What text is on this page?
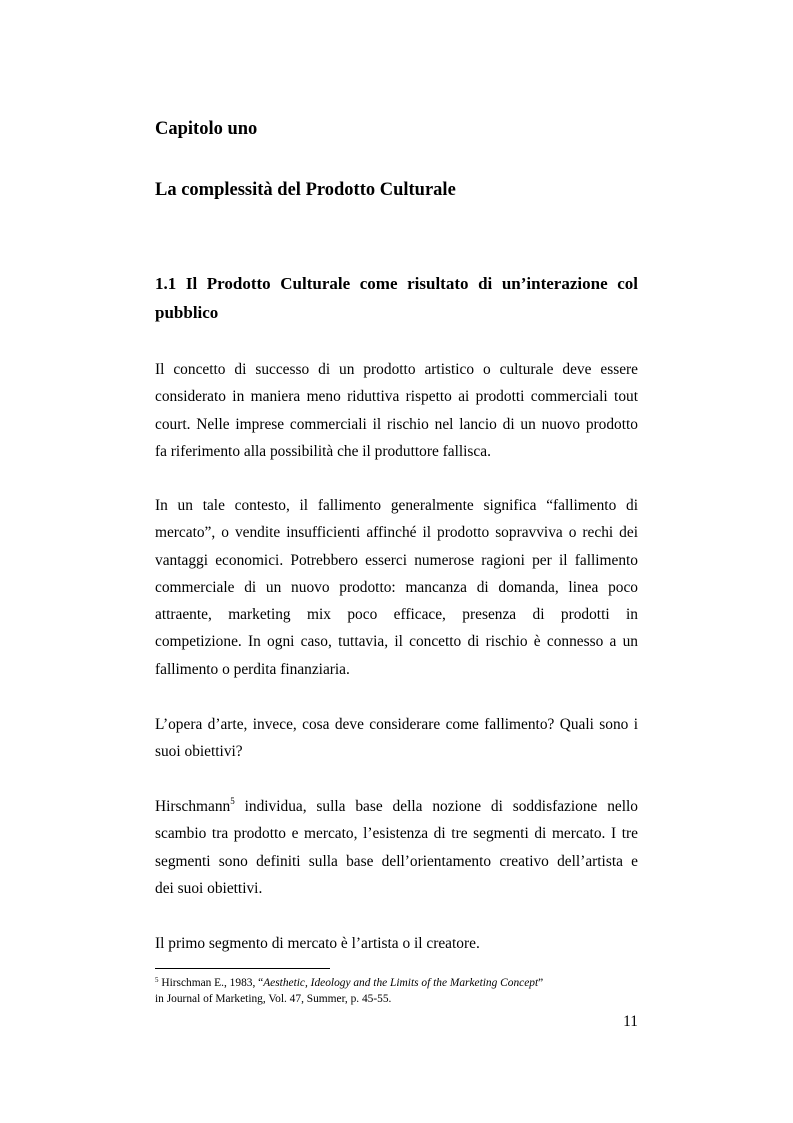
Capitolo uno
La complessità del Prodotto Culturale
1.1 Il Prodotto Culturale come risultato di un’interazione col pubblico

Il concetto di successo di un prodotto artistico o culturale deve essere
considerato in maniera meno riduttiva rispetto ai prodotti commerciali tout
court. Nelle imprese commerciali il rischio nel lancio di un nuovo prodotto
fa riferimento alla possibilità che il produttore fallisca.

In un tale contesto, il fallimento generalmente significa “fallimento di
mercato”, o vendite insufficienti affinché il prodotto sopravviva o rechi dei
vantaggi economici. Potrebbero esserci numerose ragioni per il fallimento
commerciale di un nuovo prodotto: mancanza di domanda, linea poco
attraente, marketing mix poco efficace, presenza di prodotti in
competizione. In ogni caso, tuttavia, il concetto di rischio è connesso a un
fallimento o perdita finanziaria.

L’opera d’arte, invece, cosa deve considerare come fallimento? Quali sono i
suoi obiettivi?

Hirschmann$^5$ individua, sulla base della nozione di soddisfazione nello
scambio tra prodotto e mercato, l’esistenza di tre segmenti di mercato. I tre
segmenti sono definiti sulla base dell’orientamento creativo dell’artista e
dei suoi obiettivi.

Il primo segmento di mercato è l’artista o il creatore.

$^5$ Hirschman E., 1983, “Aesthetic, Ideology and the Limits of the Marketing Concept”
in Journal of Marketing, Vol. 47, Summer, p. 45-55.

11
